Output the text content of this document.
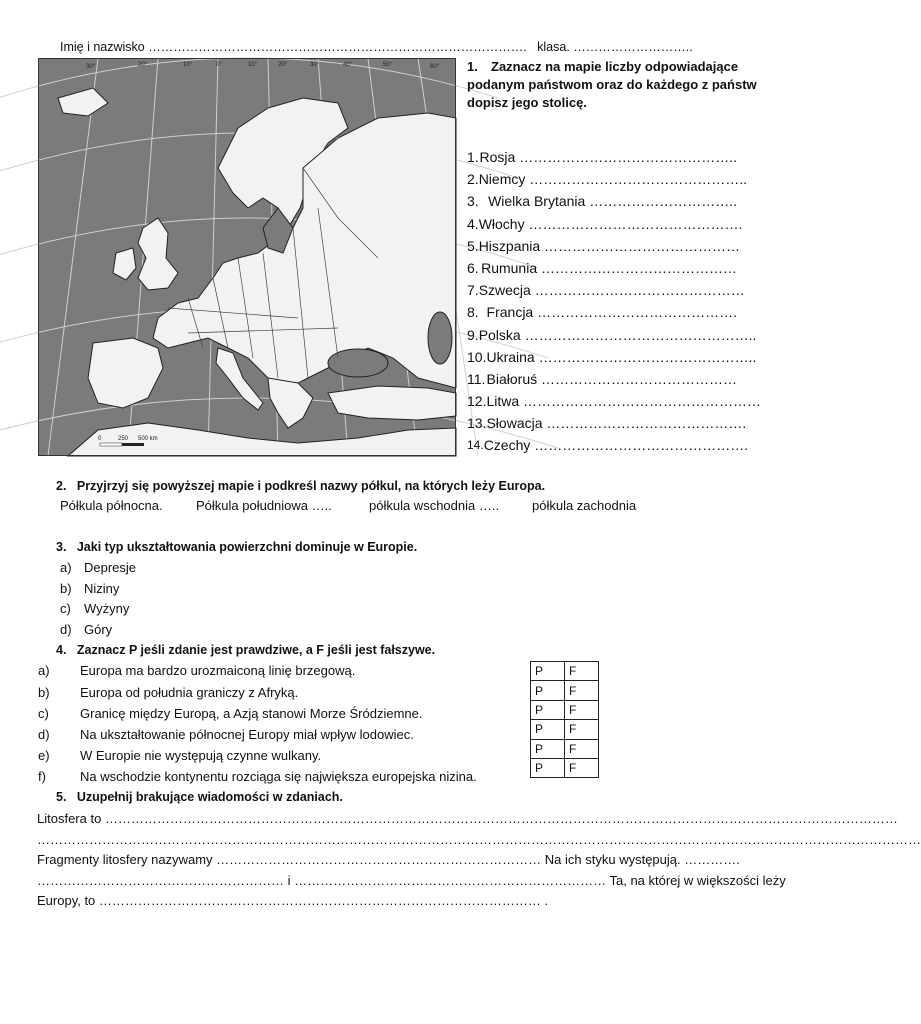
Imię i nazwisko ………………………………………………………………………………. klasa. ………………………..
30°	20°	10°	0°	10°	20°	30°	40°	50°	60°
0	250 500 km
1. Zaznacz na mapie liczby odpowiadające podanym państwom oraz do każdego z państw dopisz jego stolicę.
1. Rosja ………………………………………..
2. Niemcy ………………………………………..
3. Wielka Brytania …………………………..
4. Włochy ……………………………………….
5. Hiszpania ……………………………………
6. Rumunia ……………………………………
7. Szwecja ………………………………………
8. Francja …………………………………….
9. Polska …………………………………………..
10. Ukraina ………………………………………..
11. Białoruś ……………………………………
12. Litwa ……………………………………………
13. Słowacja …………………………………….
14. Czechy ……………………………………….
2. Przyjrzyj się powyższej mapie i podkreśl nazwy półkul, na których leży Europa.
Półkula północna.	Półkula południowa …..	półkula wschodnia …..	półkula zachodnia
3. Jaki typ ukształtowania powierzchni dominuje w Europie.
a) Depresje
b) Niziny
c) Wyżyny
d) Góry
4. Zaznacz P jeśli zdanie jest prawdziwe, a F jeśli jest fałszywe.
a) Europa ma bardzo urozmaiconą linię brzegową.
b) Europa od południa graniczy z Afryką.
c) Granicę między Europą, a Azją stanowi Morze Śródziemne.
d) Na ukształtowanie północnej Europy miał wpływ lodowiec.
e) W Europie nie występują czynne wulkany.
f)	Na wschodzie kontynentu rozciąga się największa europejska nizina.
P	F
P	F
P	F
P	F
P	F
P	F
5. Uzupełnij brakujące wiadomości w zdaniach.
Litosfera to …………………………………………………………………………………………………………………………………………………………………
……………………………………………………………………………………………………………………………………………………………………………………
Fragmenty litosfery nazywamy ………………………………………………………………… Na ich styku występują. ………….
………………………………………………… i ……………………………………………………………… Ta, na której w większości leży
Europy, to ………………………………………………………………………………………… .
